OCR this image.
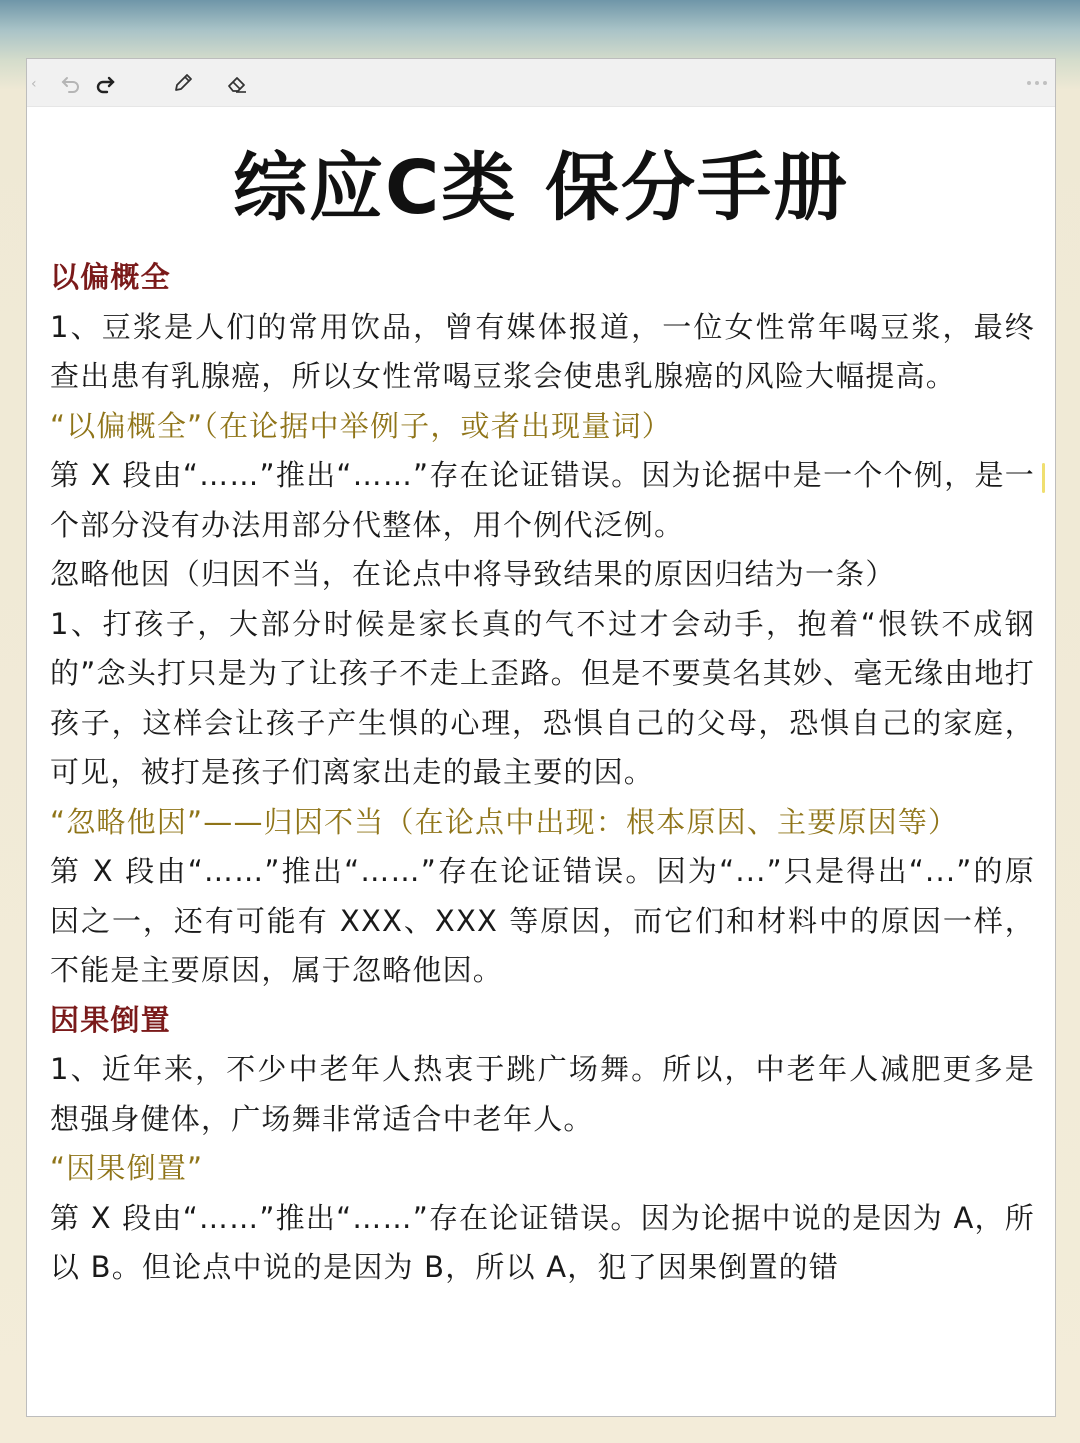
‹
综应C类 保分手册

以偏概全

1、豆浆是人们的常用饮品，曾有媒体报道，一位女性常年喝豆浆，最终查出患有乳腺癌，所以女性常喝豆浆会使患乳腺癌的风险大幅提高。

“以偏概全”（在论据中举例子，或者出现量词）

第 X 段由“……”推出“……”存在论证错误。因为论据中是一个个例，是一个部分没有办法用部分代整体，用个例代泛例。

忽略他因（归因不当，在论点中将导致结果的原因归结为一条）

1、打孩子，大部分时候是家长真的气不过才会动手，抱着“恨铁不成钢的”念头打只是为了让孩子不走上歪路。但是不要莫名其妙、毫无缘由地打孩子，这样会让孩子产生惧的心理，恐惧自己的父母，恐惧自己的家庭，可见，被打是孩子们离家出走的最主要的因。

“忽略他因”——归因不当（在论点中出现：根本原因、主要原因等）

第 X 段由“……”推出“……”存在论证错误。因为“...”只是得出“...”的原因之一，还有可能有 XXX、XXX 等原因，而它们和材料中的原因一样，不能是主要原因，属于忽略他因。

因果倒置

1、近年来，不少中老年人热衷于跳广场舞。所以，中老年人减肥更多是想强身健体，广场舞非常适合中老年人。

“因果倒置”

第 X 段由“……”推出“……”存在论证错误。因为论据中说的是因为 A，所以 B。但论点中说的是因为 B，所以 A，犯了因果倒置的错
